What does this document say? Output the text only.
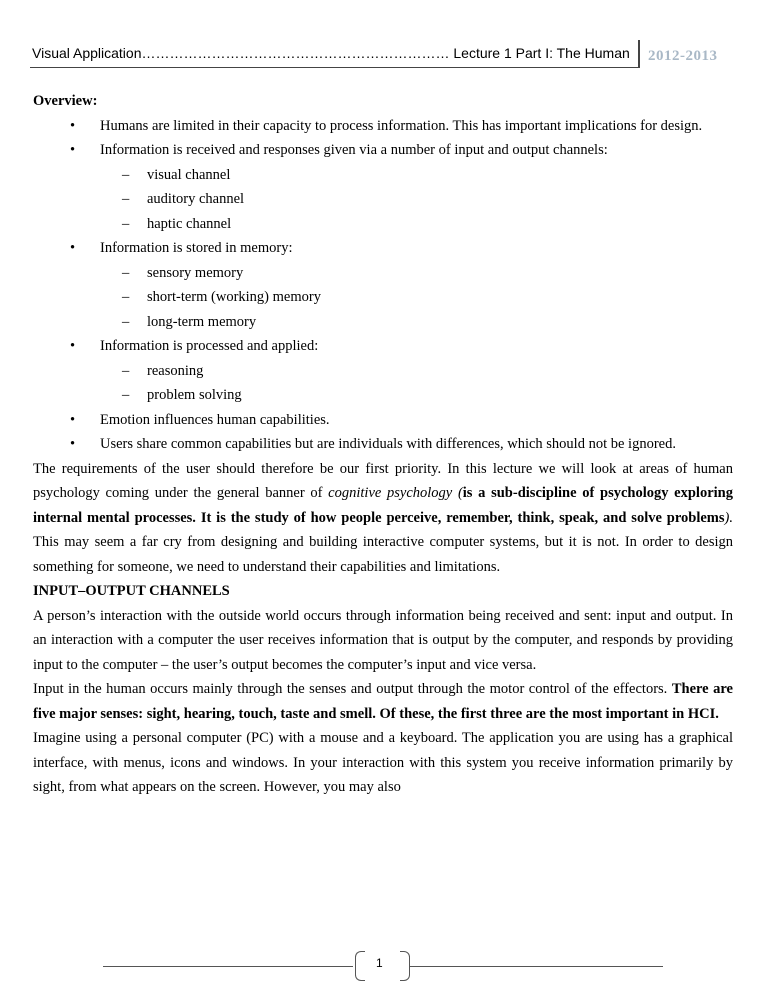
Visual Application………………………………………………………… Lecture 1 Part I: The Human 2012-2013
Overview:
• Humans are limited in their capacity to process information. This has important implications for design.
• Information is received and responses given via a number of input and output channels:
– visual channel
– auditory channel
– haptic channel
• Information is stored in memory:
– sensory memory
– short-term (working) memory
– long-term memory
• Information is processed and applied:
– reasoning
– problem solving
• Emotion influences human capabilities.
• Users share common capabilities but are individuals with differences, which should not be ignored.

The requirements of the user should therefore be our first priority. In this lecture we will look at areas of human psychology coming under the general banner of cognitive psychology (is a sub-discipline of psychology exploring internal mental processes. It is the study of how people perceive, remember, think, speak, and solve problems). This may seem a far cry from designing and building interactive computer systems, but it is not. In order to design something for someone, we need to understand their capabilities and limitations.

INPUT–OUTPUT CHANNELS

A person’s interaction with the outside world occurs through information being received and sent: input and output. In an interaction with a computer the user receives information that is output by the computer, and responds by providing input to the computer – the user’s output becomes the computer’s input and vice versa.

Input in the human occurs mainly through the senses and output through the motor control of the effectors. There are five major senses: sight, hearing, touch, taste and smell. Of these, the first three are the most important in HCI.

Imagine using a personal computer (PC) with a mouse and a keyboard. The application you are using has a graphical interface, with menus, icons and windows. In your interaction with this system you receive information primarily by sight, from what appears on the screen. However, you may also

1
